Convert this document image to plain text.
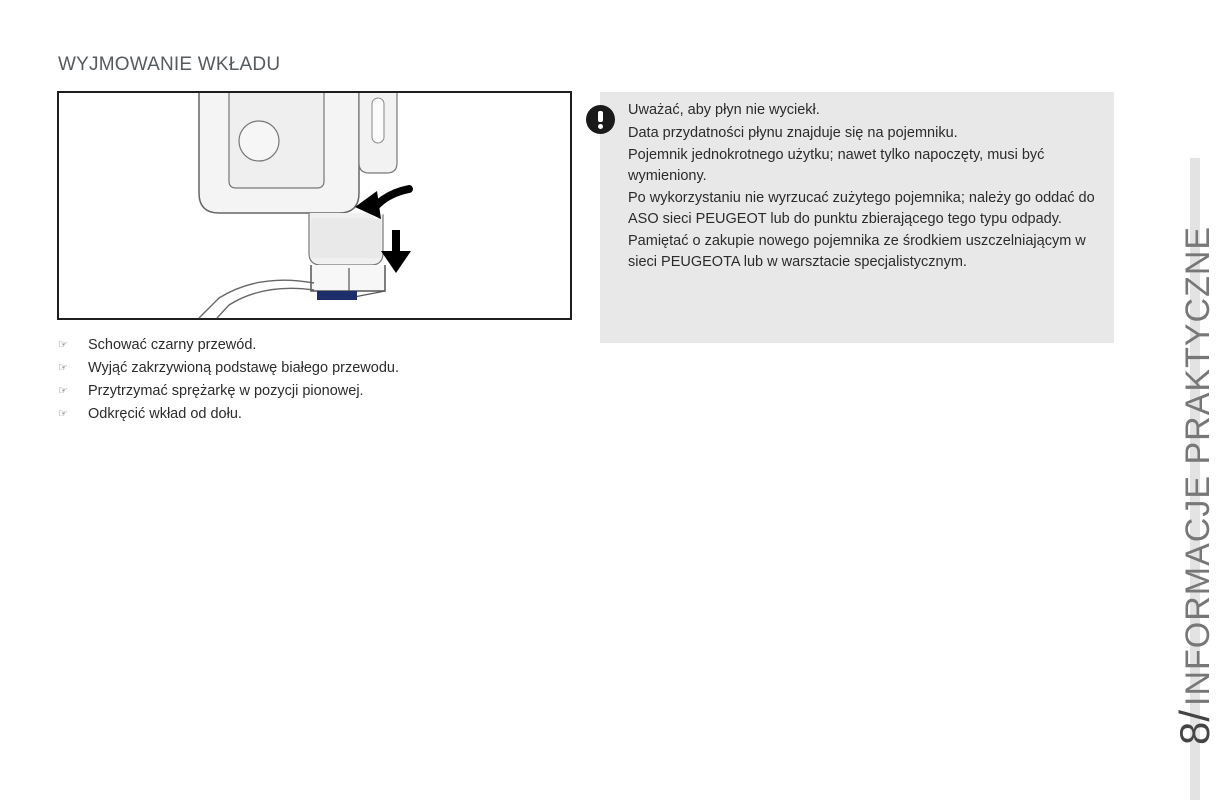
WYJMOWANIE WKŁADU
☞	Schować czarny przewód.
☞	Wyjąć zakrzywioną podstawę białego przewodu.
☞	Przytrzymać sprężarkę w pozycji pionowej.
☞	Odkręcić wkład od dołu.

Uważać, aby płyn nie wyciekł.

Data przydatności płynu znajduje się na pojemniku.

Pojemnik jednokrotnego użytku; nawet tylko napoczęty, musi być wymieniony.

Po wykorzystaniu nie wyrzucać zużytego pojemnika; należy go oddać do ASO sieci PEUGEOT lub do punktu zbierającego tego typu odpady.

Pamiętać o zakupie nowego pojemnika ze środkiem uszczelniającym w sieci PEUGEOTA lub w warsztacie specjalistycznym.

8/INFORMACJE PRAKTYCZNE
